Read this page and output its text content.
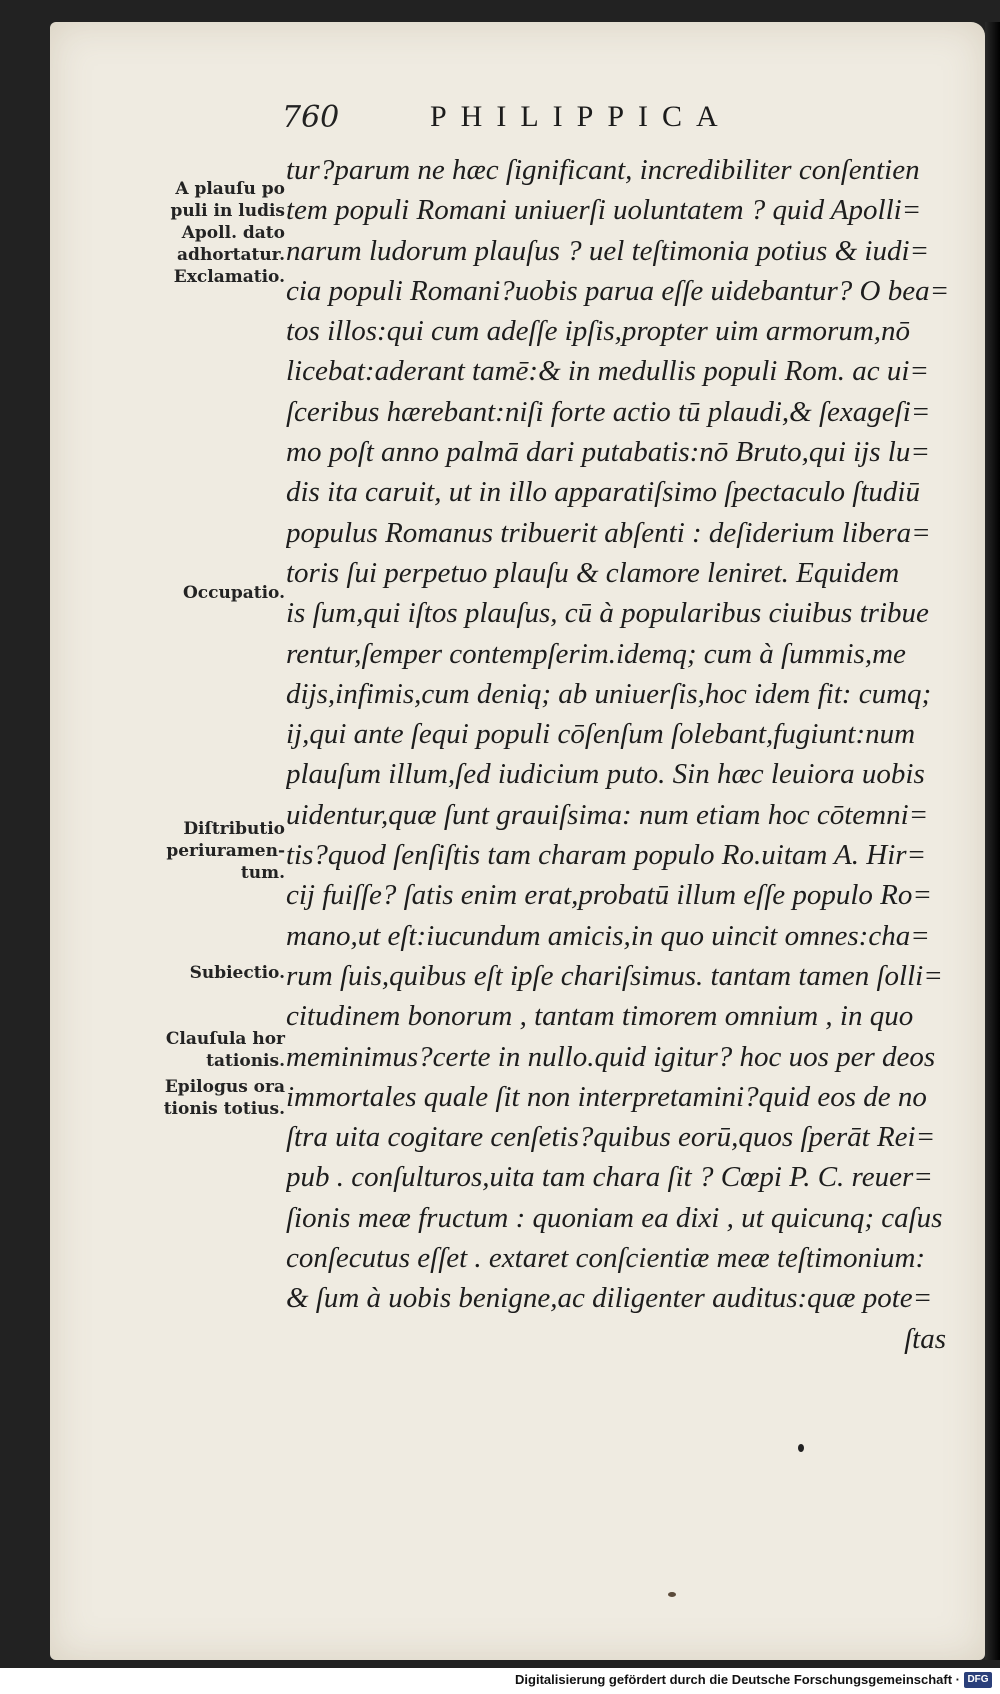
760	PHILIPPICA
A plauſu po
puli in ludis
Apoll. dato
adhortatur.
Exclamatio.
Occupatio.
Diſtributio
periuramen-
tum.
Subiectio.
Clauſula hor
tationis.
Epilogus ora
tionis totius.
tur?parum ne hæc ſignificant, incredibiliter conſentien
tem populi Romani uniuerſi uoluntatem ? quid Apolli=
narum ludorum plauſus ? uel teſtimonia potius & iudi=
cia populi Romani?uobis parua eſſe uidebantur? O bea=
tos illos:qui cum adeſſe ipſis,propter uim armorum,nō
licebat:aderant tamē:& in medullis populi Rom. ac ui=
ſceribus hærebant:niſi forte actio tū plaudi,& ſexageſi=
mo poſt anno palmā dari putabatis:nō Bruto,qui ijs lu=
dis ita caruit, ut in illo apparatiſsimo ſpectaculo ſtudiū
populus Romanus tribuerit abſenti : deſiderium libera=
toris ſui perpetuo plauſu & clamore leniret. Equidem
is ſum,qui iſtos plauſus, cū à popularibus ciuibus tribue
rentur,ſemper contempſerim.idemq; cum à ſummis,me
dijs,infimis,cum deniq; ab uniuerſis,hoc idem fit: cumq;
ij,qui ante ſequi populi cōſenſum ſolebant,fugiunt:num
plauſum illum,ſed iudicium puto. Sin hæc leuiora uobis
uidentur,quæ ſunt grauiſsima: num etiam hoc cōtemni=
tis?quod ſenſiſtis tam charam populo Ro.uitam A. Hir=
cij fuiſſe? ſatis enim erat,probatū illum eſſe populo Ro=
mano,ut eſt:iucundum amicis,in quo uincit omnes:cha=
rum ſuis,quibus eſt ipſe chariſsimus. tantam tamen ſolli=
citudinem bonorum , tantam timorem omnium , in quo
meminimus?certe in nullo.quid igitur? hoc uos per deos
immortales quale ſit non interpretamini?quid eos de no
ſtra uita cogitare cenſetis?quibus eorū,quos ſperāt Rei=
pub . conſulturos,uita tam chara ſit ? Cœpi P. C. reuer=
ſionis meæ fructum : quoniam ea dixi , ut quicunq; caſus
conſecutus eſſet . extaret conſcientiæ meæ teſtimonium:
& ſum à uobis benigne,ac diligenter auditus:quæ pote=
ſtas
Digitalisierung gefördert durch die Deutsche Forschungsgemeinschaft · DFG
